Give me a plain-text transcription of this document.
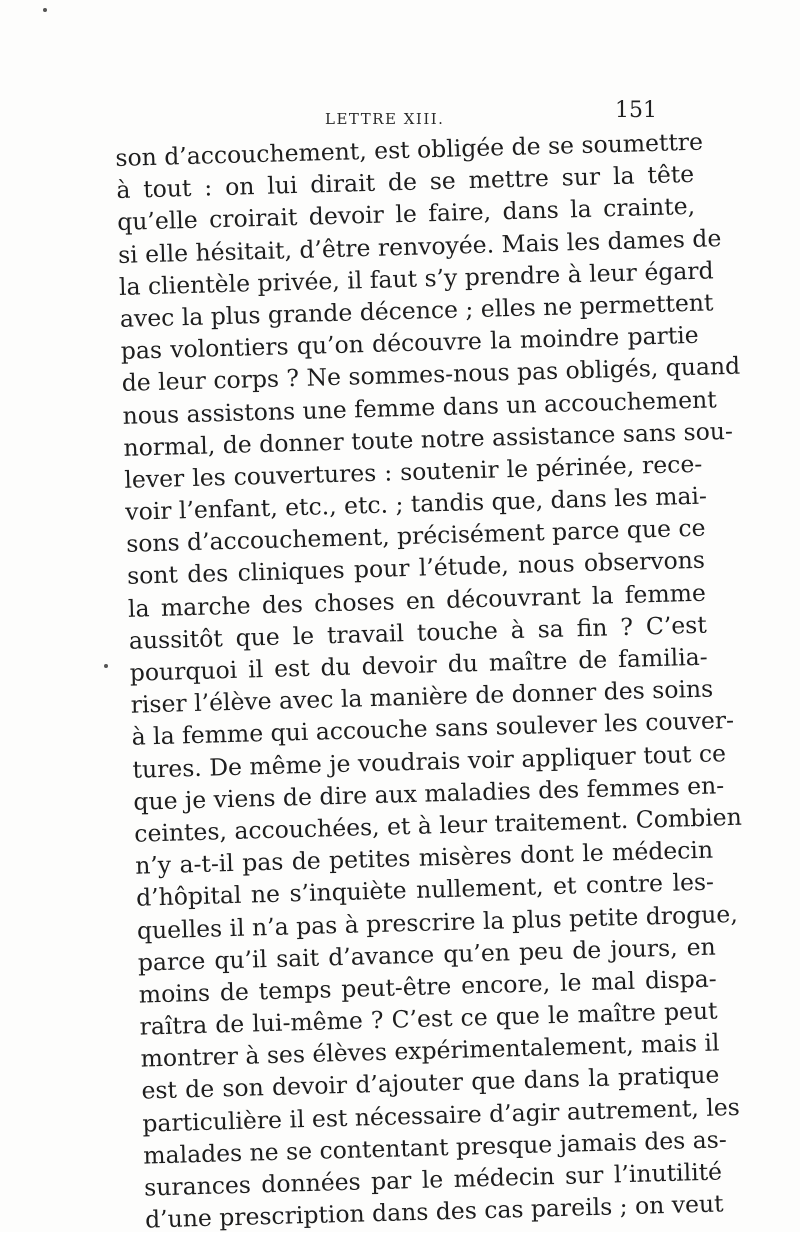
LETTRE XIII.	151
son d’accouchement, est obligée de se soumettre
à tout : on lui dirait de se mettre sur la tête
qu’elle croirait devoir le faire, dans la crainte,
si elle hésitait, d’être renvoyée. Mais les dames de
la clientèle privée, il faut s’y prendre à leur égard
avec la plus grande décence ; elles ne permettent
pas volontiers qu’on découvre la moindre partie
de leur corps ? Ne sommes-nous pas obligés, quand
nous assistons une femme dans un accouchement
normal, de donner toute notre assistance sans sou-
lever les couvertures : soutenir le périnée, rece-
voir l’enfant, etc., etc. ; tandis que, dans les mai-
sons d’accouchement, précisément parce que ce
sont des cliniques pour l’étude, nous observons
la marche des choses en découvrant la femme
aussitôt que le travail touche à sa fin ? C’est
pourquoi il est du devoir du maître de familia-
riser l’élève avec la manière de donner des soins
à la femme qui accouche sans soulever les couver-
tures. De même je voudrais voir appliquer tout ce
que je viens de dire aux maladies des femmes en-
ceintes, accouchées, et à leur traitement. Combien
n’y a-t-il pas de petites misères dont le médecin
d’hôpital ne s’inquiète nullement, et contre les-
quelles il n’a pas à prescrire la plus petite drogue,
parce qu’il sait d’avance qu’en peu de jours, en
moins de temps peut-être encore, le mal dispa-
raîtra de lui-même ? C’est ce que le maître peut
montrer à ses élèves expérimentalement, mais il
est de son devoir d’ajouter que dans la pratique
particulière il est nécessaire d’agir autrement, les
malades ne se contentant presque jamais des as-
surances données par le médecin sur l’inutilité
d’une prescription dans des cas pareils ; on veut
